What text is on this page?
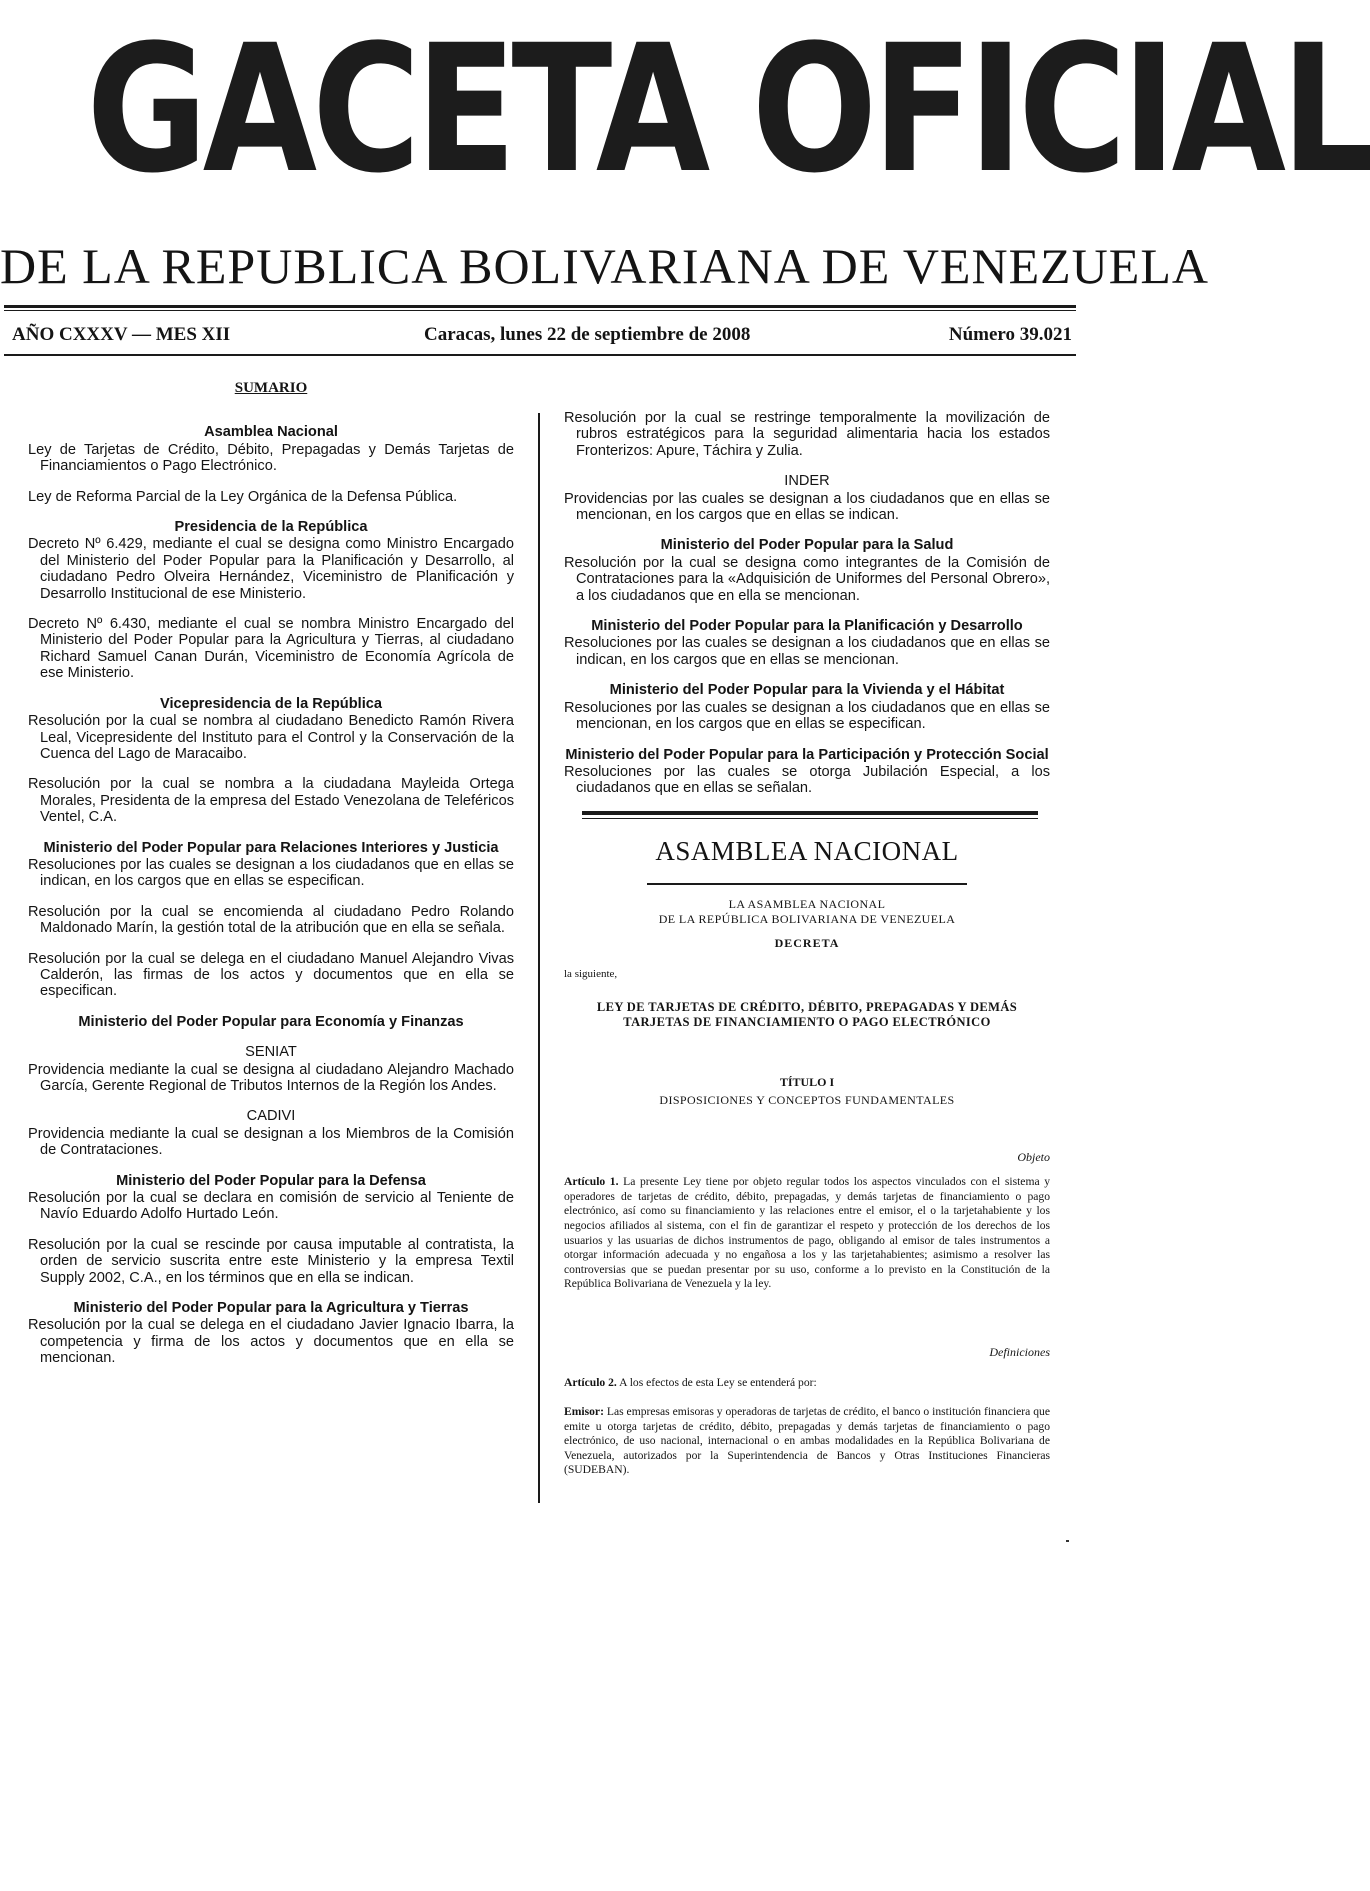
GACETA OFICIAL
DE LA REPUBLICA BOLIVARIANA DE VENEZUELA
AÑO CXXXV — MES XII	Caracas, lunes 22 de septiembre de 2008	Número 39.021
SUMARIO
Asamblea Nacional
Ley de Tarjetas de Crédito, Débito, Prepagadas y Demás Tarjetas de Financiamientos o Pago Electrónico.
Ley de Reforma Parcial de la Ley Orgánica de la Defensa Pública.
Presidencia de la República
Decreto Nº 6.429, mediante el cual se designa como Ministro Encargado del Ministerio del Poder Popular para la Planificación y Desarrollo, al ciudadano Pedro Olveira Hernández, Viceministro de Planificación y Desarrollo Institucional de ese Ministerio.
Decreto Nº 6.430, mediante el cual se nombra Ministro Encargado del Ministerio del Poder Popular para la Agricultura y Tierras, al ciudadano Richard Samuel Canan Durán, Viceministro de Economía Agrícola de ese Ministerio.
Vicepresidencia de la República
Resolución por la cual se nombra al ciudadano Benedicto Ramón Rivera Leal, Vicepresidente del Instituto para el Control y la Conservación de la Cuenca del Lago de Maracaibo.
Resolución por la cual se nombra a la ciudadana Mayleida Ortega Morales, Presidenta de la empresa del Estado Venezolana de Teleféricos Ventel, C.A.
Ministerio del Poder Popular para Relaciones Interiores y Justicia
Resoluciones por las cuales se designan a los ciudadanos que en ellas se indican, en los cargos que en ellas se especifican.
Resolución por la cual se encomienda al ciudadano Pedro Rolando Maldonado Marín, la gestión total de la atribución que en ella se señala.
Resolución por la cual se delega en el ciudadano Manuel Alejandro Vivas Calderón, las firmas de los actos y documentos que en ella se especifican.
Ministerio del Poder Popular para Economía y Finanzas
SENIAT
Providencia mediante la cual se designa al ciudadano Alejandro Machado García, Gerente Regional de Tributos Internos de la Región los Andes.
CADIVI
Providencia mediante la cual se designan a los Miembros de la Comisión de Contrataciones.
Ministerio del Poder Popular para la Defensa
Resolución por la cual se declara en comisión de servicio al Teniente de Navío Eduardo Adolfo Hurtado León.
Resolución por la cual se rescinde por causa imputable al contratista, la orden de servicio suscrita entre este Ministerio y la empresa Textil Supply 2002, C.A., en los términos que en ella se indican.
Ministerio del Poder Popular para la Agricultura y Tierras
Resolución por la cual se delega en el ciudadano Javier Ignacio Ibarra, la competencia y firma de los actos y documentos que en ella se mencionan.
Resolución por la cual se restringe temporalmente la movilización de rubros estratégicos para la seguridad alimentaria hacia los estados Fronterizos: Apure, Táchira y Zulia.
INDER
Providencias por las cuales se designan a los ciudadanos que en ellas se mencionan, en los cargos que en ellas se indican.
Ministerio del Poder Popular para la Salud
Resolución por la cual se designa como integrantes de la Comisión de Contrataciones para la «Adquisición de Uniformes del Personal Obrero», a los ciudadanos que en ella se mencionan.
Ministerio del Poder Popular para la Planificación y Desarrollo
Resoluciones por las cuales se designan a los ciudadanos que en ellas se indican, en los cargos que en ellas se mencionan.
Ministerio del Poder Popular para la Vivienda y el Hábitat
Resoluciones por las cuales se designan a los ciudadanos que en ellas se mencionan, en los cargos que en ellas se especifican.
Ministerio del Poder Popular para la Participación y Protección Social
Resoluciones por las cuales se otorga Jubilación Especial, a los ciudadanos que en ellas se señalan.
ASAMBLEA NACIONAL
LA ASAMBLEA NACIONAL
DE LA REPÚBLICA BOLIVARIANA DE VENEZUELA
DECRETA
la siguiente,
LEY DE TARJETAS DE CRÉDITO, DÉBITO, PREPAGADAS Y DEMÁS TARJETAS DE FINANCIAMIENTO O PAGO ELECTRÓNICO
TÍTULO I
DISPOSICIONES Y CONCEPTOS FUNDAMENTALES
Objeto
Artículo 1. La presente Ley tiene por objeto regular todos los aspectos vinculados con el sistema y operadores de tarjetas de crédito, débito, prepagadas, y demás tarjetas de financiamiento o pago electrónico, así como su financiamiento y las relaciones entre el emisor, el o la tarjetahabiente y los negocios afiliados al sistema, con el fin de garantizar el respeto y protección de los derechos de los usuarios y las usuarias de dichos instrumentos de pago, obligando al emisor de tales instrumentos a otorgar información adecuada y no engañosa a los y las tarjetahabientes; asimismo a resolver las controversias que se puedan presentar por su uso, conforme a lo previsto en la Constitución de la República Bolivariana de Venezuela y la ley.
Definiciones
Artículo 2. A los efectos de esta Ley se entenderá por:
Emisor: Las empresas emisoras y operadoras de tarjetas de crédito, el banco o institución financiera que emite u otorga tarjetas de crédito, débito, prepagadas y demás tarjetas de financiamiento o pago electrónico, de uso nacional, internacional o en ambas modalidades en la República Bolivariana de Venezuela, autorizados por la Superintendencia de Bancos y Otras Instituciones Financieras (SUDEBAN).
